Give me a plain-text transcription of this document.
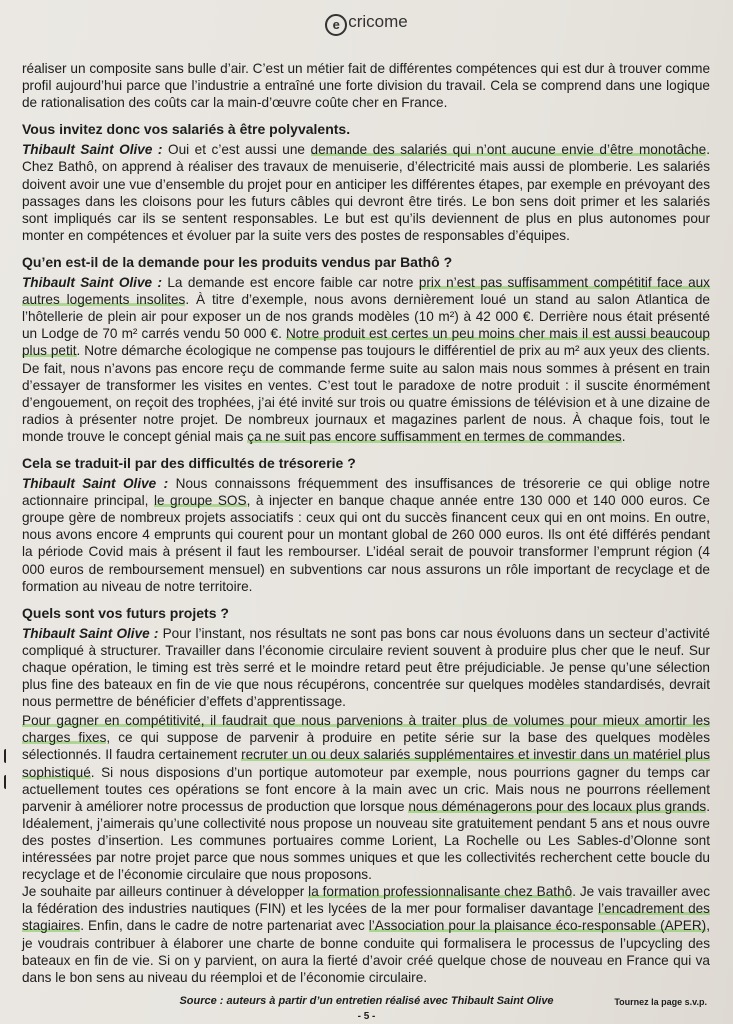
e cricome

réaliser un composite sans bulle d’air. C’est un métier fait de différentes compétences qui est dur à trouver comme profil aujourd’hui parce que l’industrie a entraîné une forte division du travail. Cela se comprend dans une logique de rationalisation des coûts car la main-d’œuvre coûte cher en France.

Vous invitez donc vos salariés à être polyvalents.

Thibault Saint Olive : Oui et c’est aussi une demande des salariés qui n’ont aucune envie d’être monotâche. Chez Bathô, on apprend à réaliser des travaux de menuiserie, d’électricité mais aussi de plomberie. Les salariés doivent avoir une vue d’ensemble du projet pour en anticiper les différentes étapes, par exemple en prévoyant des passages dans les cloisons pour les futurs câbles qui devront être tirés. Le bon sens doit primer et les salariés sont impliqués car ils se sentent responsables. Le but est qu’ils deviennent de plus en plus autonomes pour monter en compétences et évoluer par la suite vers des postes de responsables d’équipes.

Qu’en est-il de la demande pour les produits vendus par Bathô ?

Thibault Saint Olive : La demande est encore faible car notre prix n’est pas suffisamment compétitif face aux autres logements insolites. À titre d’exemple, nous avons dernièrement loué un stand au salon Atlantica de l’hôtellerie de plein air pour exposer un de nos grands modèles (10 m²) à 42 000 €. Derrière nous était présenté un Lodge de 70 m² carrés vendu 50 000 €. Notre produit est certes un peu moins cher mais il est aussi beaucoup plus petit. Notre démarche écologique ne compense pas toujours le différentiel de prix au m² aux yeux des clients. De fait, nous n’avons pas encore reçu de commande ferme suite au salon mais nous sommes à présent en train d’essayer de transformer les visites en ventes. C’est tout le paradoxe de notre produit : il suscite énormément d’engouement, on reçoit des trophées, j’ai été invité sur trois ou quatre émissions de télévision et à une dizaine de radios à présenter notre projet. De nombreux journaux et magazines parlent de nous. À chaque fois, tout le monde trouve le concept génial mais ça ne suit pas encore suffisamment en termes de commandes.

Cela se traduit-il par des difficultés de trésorerie ?

Thibault Saint Olive : Nous connaissons fréquemment des insuffisances de trésorerie ce qui oblige notre actionnaire principal, le groupe SOS, à injecter en banque chaque année entre 130 000 et 140 000 euros. Ce groupe gère de nombreux projets associatifs : ceux qui ont du succès financent ceux qui en ont moins. En outre, nous avons encore 4 emprunts qui courent pour un montant global de 260 000 euros. Ils ont été différés pendant la période Covid mais à présent il faut les rembourser. L’idéal serait de pouvoir transformer l’emprunt région (4 000 euros de remboursement mensuel) en subventions car nous assurons un rôle important de recyclage et de formation au niveau de notre territoire.

Quels sont vos futurs projets ?

Thibault Saint Olive : Pour l’instant, nos résultats ne sont pas bons car nous évoluons dans un secteur d’activité compliqué à structurer. Travailler dans l’économie circulaire revient souvent à produire plus cher que le neuf. Sur chaque opération, le timing est très serré et le moindre retard peut être préjudiciable. Je pense qu’une sélection plus fine des bateaux en fin de vie que nous récupérons, concentrée sur quelques modèles standardisés, devrait nous permettre de bénéficier d’effets d’apprentissage.

Pour gagner en compétitivité, il faudrait que nous parvenions à traiter plus de volumes pour mieux amortir les charges fixes, ce qui suppose de parvenir à produire en petite série sur la base des quelques modèles sélectionnés. Il faudra certainement recruter un ou deux salariés supplémentaires et investir dans un matériel plus sophistiqué. Si nous disposions d’un portique automoteur par exemple, nous pourrions gagner du temps car actuellement toutes ces opérations se font encore à la main avec un cric. Mais nous ne pourrons réellement parvenir à améliorer notre processus de production que lorsque nous déménagerons pour des locaux plus grands. Idéalement, j’aimerais qu’une collectivité nous propose un nouveau site gratuitement pendant 5 ans et nous ouvre des postes d’insertion. Les communes portuaires comme Lorient, La Rochelle ou Les Sables-d’Olonne sont intéressées par notre projet parce que nous sommes uniques et que les collectivités recherchent cette boucle du recyclage et de l’économie circulaire que nous proposons.

Je souhaite par ailleurs continuer à développer la formation professionnalisante chez Bathô. Je vais travailler avec la fédération des industries nautiques (FIN) et les lycées de la mer pour formaliser davantage l’encadrement des stagiaires. Enfin, dans le cadre de notre partenariat avec l’Association pour la plaisance éco-responsable (APER), je voudrais contribuer à élaborer une charte de bonne conduite qui formalisera le processus de l’upcycling des bateaux en fin de vie. Si on y parvient, on aura la fierté d’avoir créé quelque chose de nouveau en France qui va dans le bon sens au niveau du réemploi et de l’économie circulaire.

Source : auteurs à partir d’un entretien réalisé avec Thibault Saint Olive	Tournez la page s.v.p.
- 5 -
